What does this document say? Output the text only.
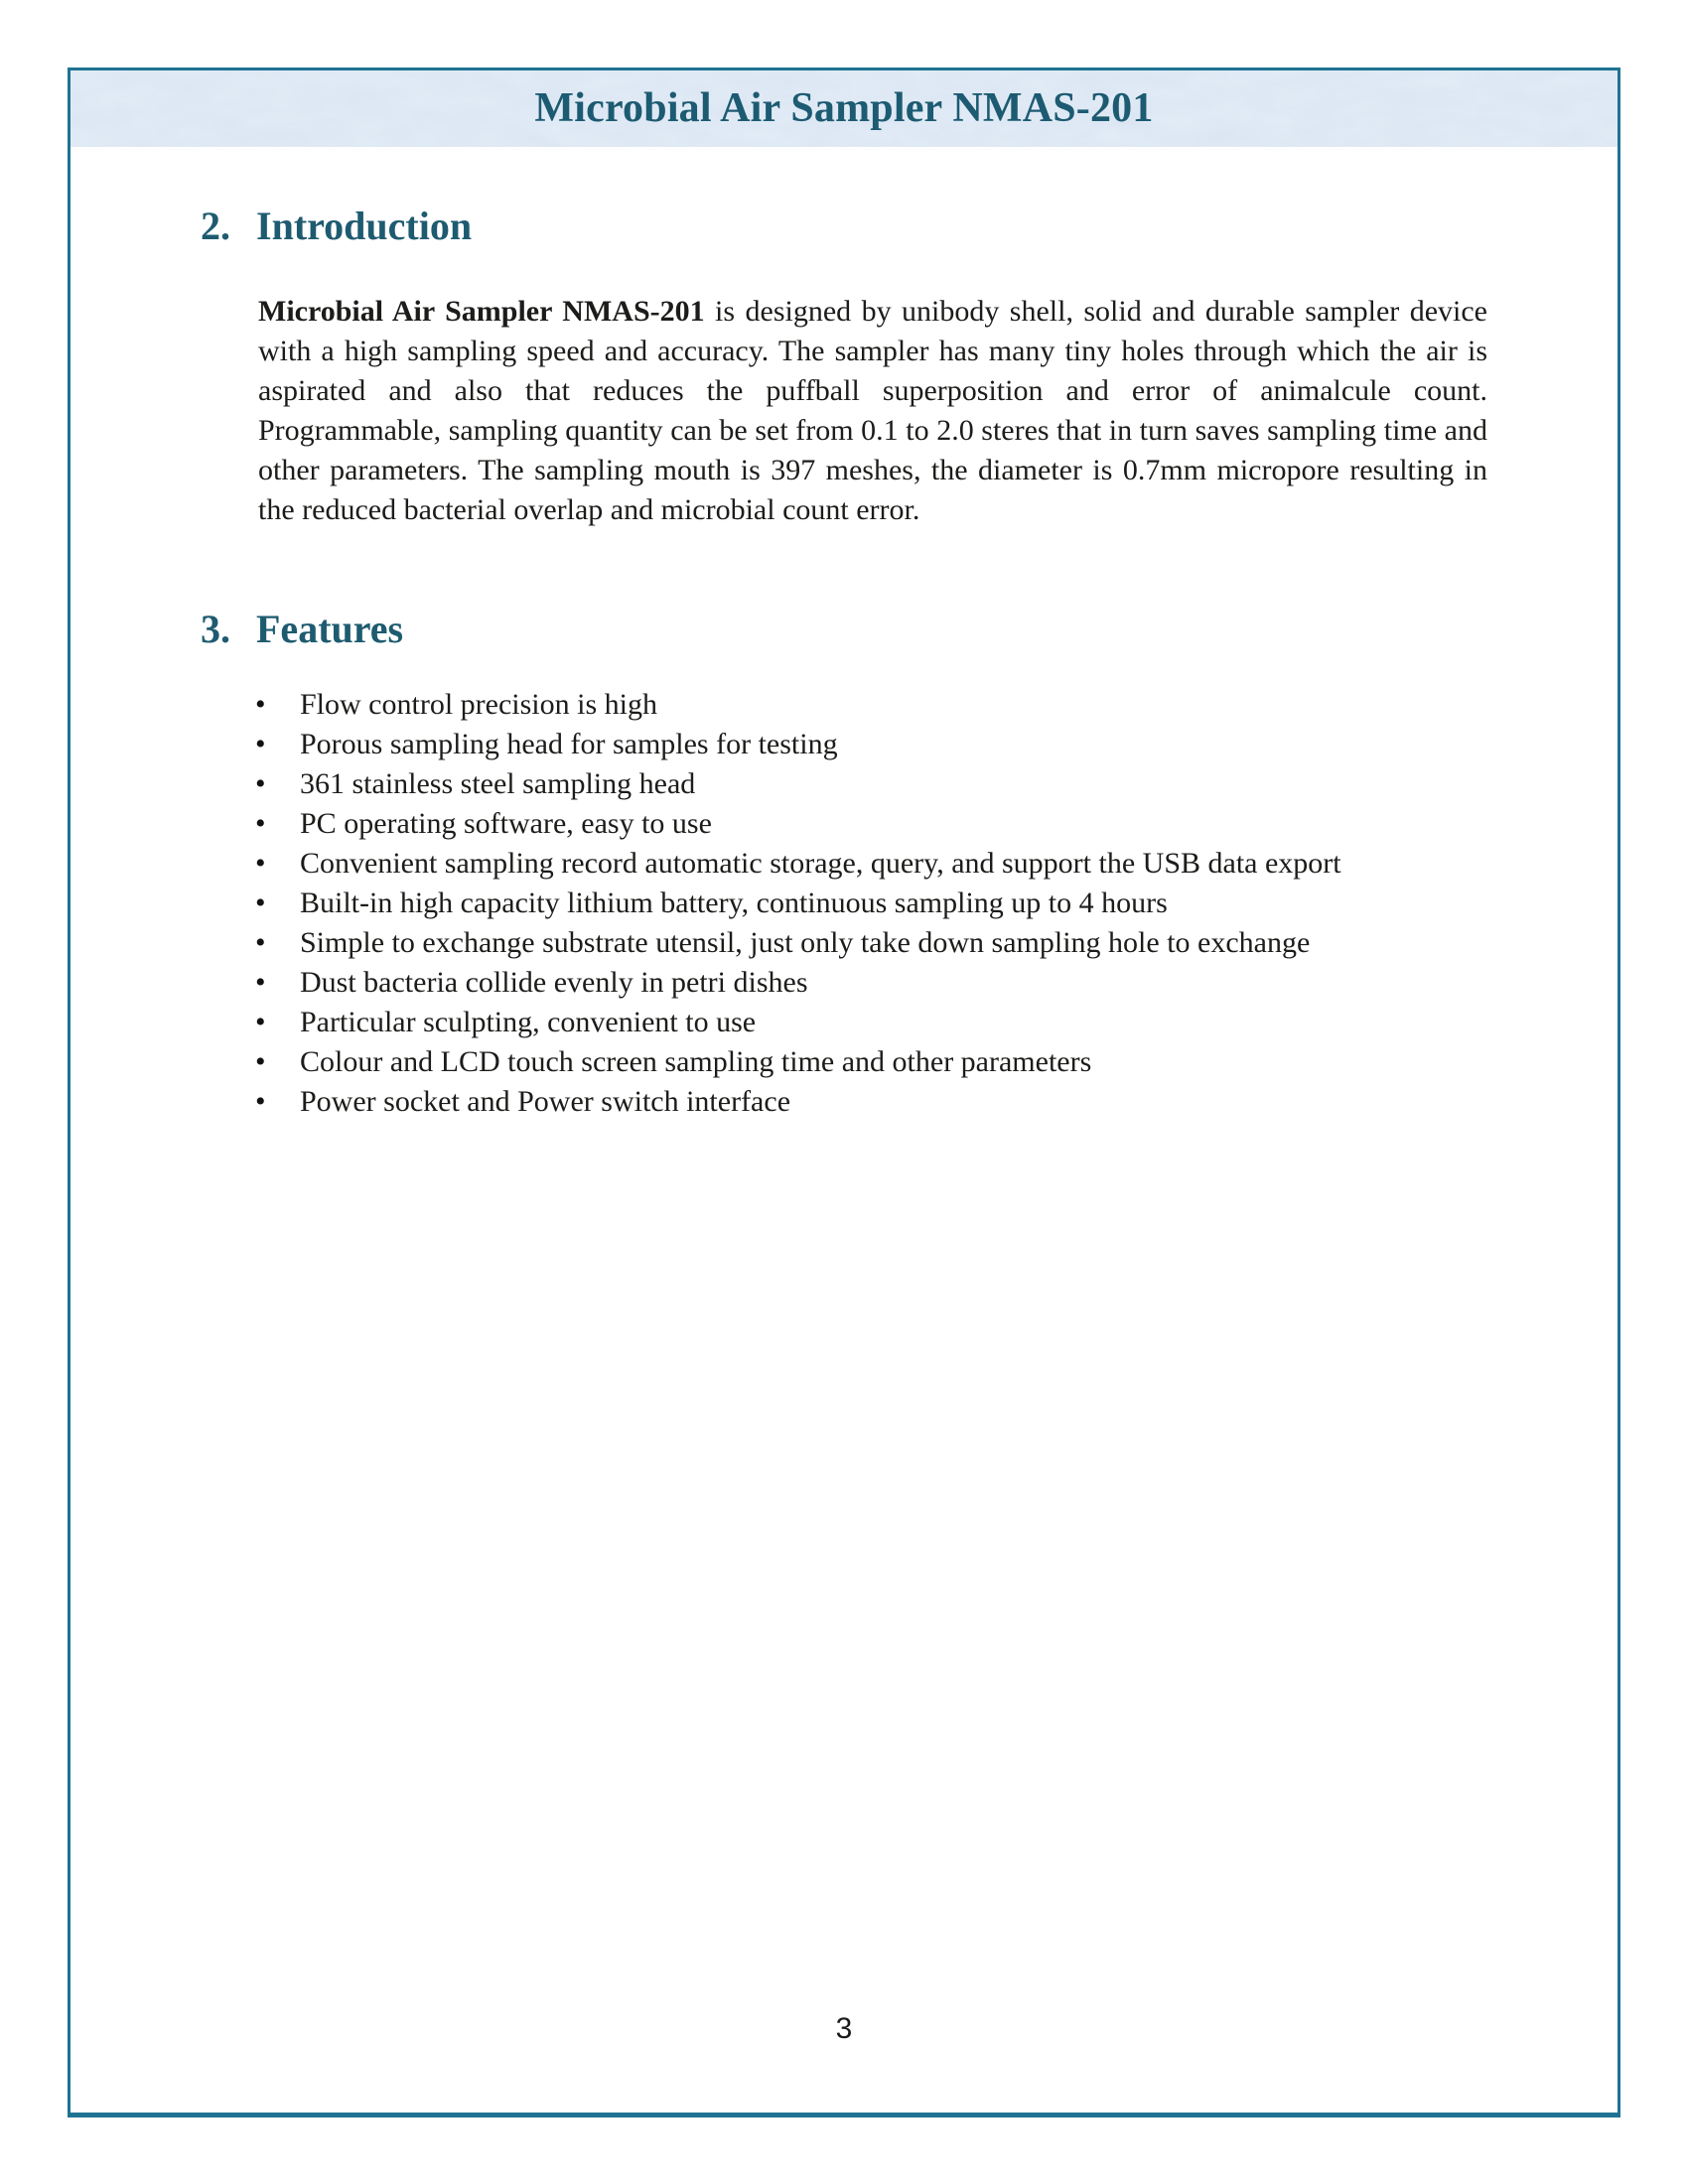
Microbial Air Sampler NMAS-201
2. Introduction

Microbial Air Sampler NMAS-201 is designed by unibody shell, solid and durable sampler device with a high sampling speed and accuracy. The sampler has many tiny holes through which the air is aspirated and also that reduces the puffball superposition and error of animalcule count. Programmable, sampling quantity can be set from 0.1 to 2.0 steres that in turn saves sampling time and other parameters. The sampling mouth is 397 meshes, the diameter is 0.7mm micropore resulting in the reduced bacterial overlap and microbial count error.

3. Features
• Flow control precision is high
• Porous sampling head for samples for testing
• 361 stainless steel sampling head
• PC operating software, easy to use
• Convenient sampling record automatic storage, query, and support the USB data export
• Built-in high capacity lithium battery, continuous sampling up to 4 hours
• Simple to exchange substrate utensil, just only take down sampling hole to exchange
• Dust bacteria collide evenly in petri dishes
• Particular sculpting, convenient to use
• Colour and LCD touch screen sampling time and other parameters
• Power socket and Power switch interface
3
